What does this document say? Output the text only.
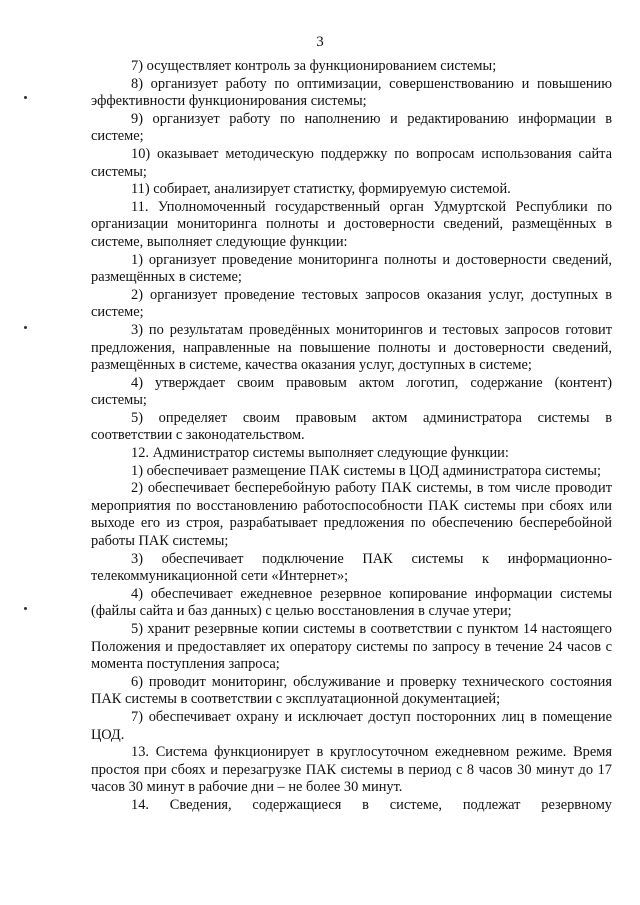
3

7) осуществляет контроль за функционированием системы;

8) организует работу по оптимизации, совершенствованию и повышению эффективности функционирования системы;

9) организует работу по наполнению и редактированию информации в системе;

10) оказывает методическую поддержку по вопросам использования сайта системы;

11) собирает, анализирует статистку, формируемую системой.

11. Уполномоченный государственный орган Удмуртской Республики по организации мониторинга полноты и достоверности сведений, размещённых в системе, выполняет следующие функции:

1) организует проведение мониторинга полноты и достоверности сведений, размещённых в системе;

2) организует проведение тестовых запросов оказания услуг, доступных в системе;

3) по результатам проведённых мониторингов и тестовых запросов готовит предложения, направленные на повышение полноты и достоверности сведений, размещённых в системе, качества оказания услуг, доступных в системе;

4) утверждает своим правовым актом логотип, содержание (контент) системы;

5) определяет своим правовым актом администратора системы в соответствии с законодательством.

12. Администратор системы выполняет следующие функции:

1) обеспечивает размещение ПАК системы в ЦОД администратора системы;

2) обеспечивает бесперебойную работу ПАК системы, в том числе проводит мероприятия по восстановлению работоспособности ПАК системы при сбоях или выходе его из строя, разрабатывает предложения по обеспечению бесперебойной работы ПАК системы;

3) обеспечивает подключение ПАК системы к информационно-телекоммуникационной сети «Интернет»;

4) обеспечивает ежедневное резервное копирование информации системы (файлы сайта и баз данных) с целью восстановления в случае утери;

5) хранит резервные копии системы в соответствии с пунктом 14 настоящего Положения и предоставляет их оператору системы по запросу в течение 24 часов с момента поступления запроса;

6) проводит мониторинг, обслуживание и проверку технического состояния ПАК системы в соответствии с эксплуатационной документацией;

7) обеспечивает охрану и исключает доступ посторонних лиц в помещение ЦОД.

13. Система функционирует в круглосуточном ежедневном режиме. Время простоя при сбоях и перезагрузке ПАК системы в период с 8 часов 30 минут до 17 часов 30 минут в рабочие дни – не более 30 минут.

14. Сведения, содержащиеся в системе, подлежат резервному
